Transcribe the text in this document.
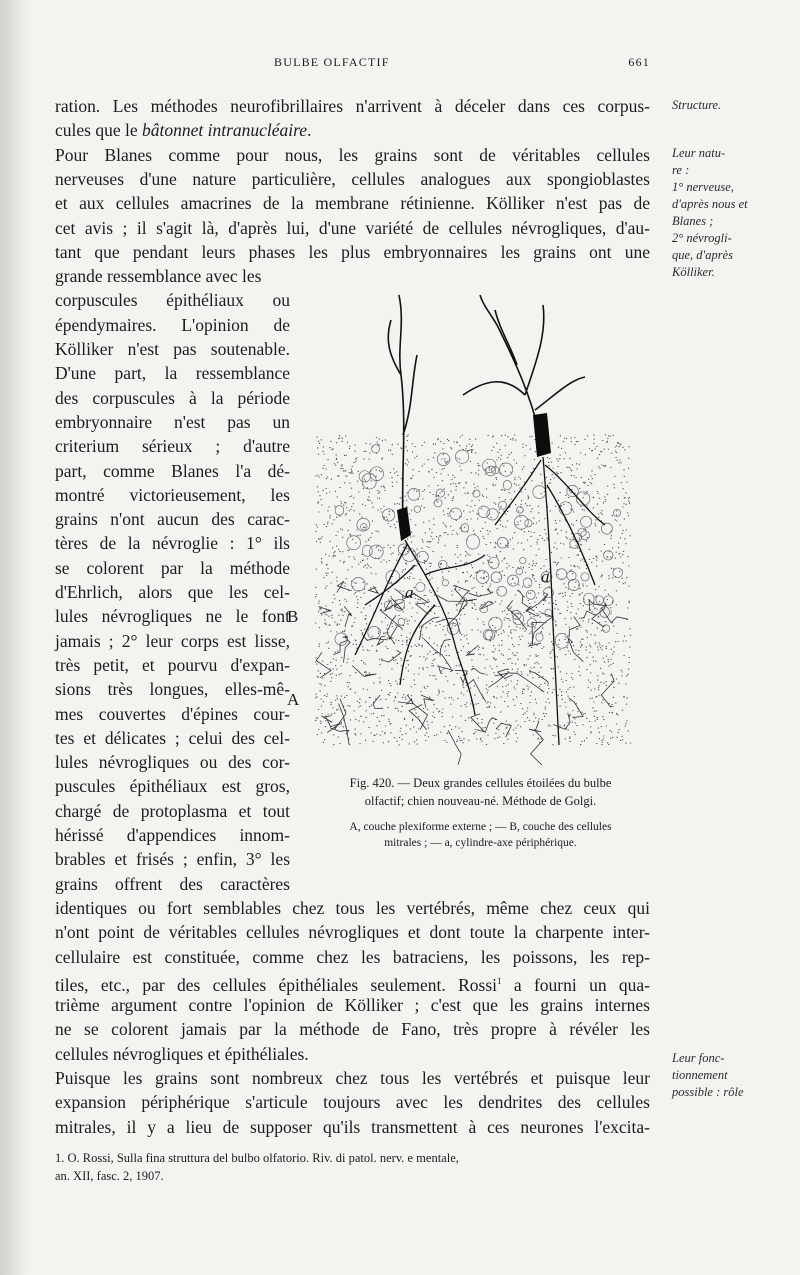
BULBE OLFACTIF	661

ration. Les méthodes neurofibrillaires n'arrivent à déceler dans ces corpus-

cules que le bâtonnet intranucléaire.

Pour Blanes comme pour nous, les grains sont de véritables cellules

nerveuses d'une nature particulière, cellules analogues aux spongioblastes

et aux cellules amacrines de la membrane rétinienne. Kölliker n'est pas de

cet avis ; il s'agit là, d'après lui, d'une variété de cellules névrogliques, d'au-

tant que pendant leurs phases les plus embryonnaires les grains ont une

grande ressemblance avec les

corpuscules épithéliaux ou

épendymaires. L'opinion de

Kölliker n'est pas soutenable.

D'une part, la ressemblance

des corpuscules à la période

embryonnaire n'est pas un

criterium sérieux ; d'autre

part, comme Blanes l'a dé-

montré victorieusement, les

grains n'ont aucun des carac-

tères de la névroglie : 1° ils

se colorent par la méthode

d'Ehrlich, alors que les cel-

lules névrogliques ne le font

jamais ; 2° leur corps est lisse,

très petit, et pourvu d'expan-

sions très longues, elles-mê-

mes couvertes d'épines cour-

tes et délicates ; celui des cel-

lules névrogliques ou des cor-

puscules épithéliaux est gros,

chargé de protoplasma et tout

hérissé d'appendices innom-

brables et frisés ; enfin, 3° les

grains offrent des caractères

identiques ou fort semblables chez tous les vertébrés, même chez ceux qui

n'ont point de véritables cellules névrogliques et dont toute la charpente inter-

cellulaire est constituée, comme chez les batraciens, les poissons, les rep-

tiles, etc., par des cellules épithéliales seulement. Rossi$^1$ a fourni un qua-

trième argument contre l'opinion de Kölliker ; c'est que les grains internes

ne se colorent jamais par la méthode de Fano, très propre à révéler les

cellules névrogliques et épithéliales.

Puisque les grains sont nombreux chez tous les vertébrés et puisque leur

expansion périphérique s'articule toujours avec les dendrites des cellules

mitrales, il y a lieu de supposer qu'ils transmettent à ces neurones l'excita-

Structure.
Leur natu-
re :
1° nerveuse,
d'après nous et
Blanes ;
2° névrogli-
que, d'après
Kölliker.
Leur fonc-
tionnement
possible : rôle
B
A
a
a

Fig. 420. — Deux grandes cellules étoilées du bulbe

olfactif; chien nouveau-né. Méthode de Golgi.

A, couche plexiforme externe ; — B, couche des cellules

mitrales ; — a, cylindre-axe périphérique.

1. O. Rossi, Sulla fina struttura del bulbo olfatorio. Riv. di patol. nerv. e mentale,

an. XII, fasc. 2, 1907.
